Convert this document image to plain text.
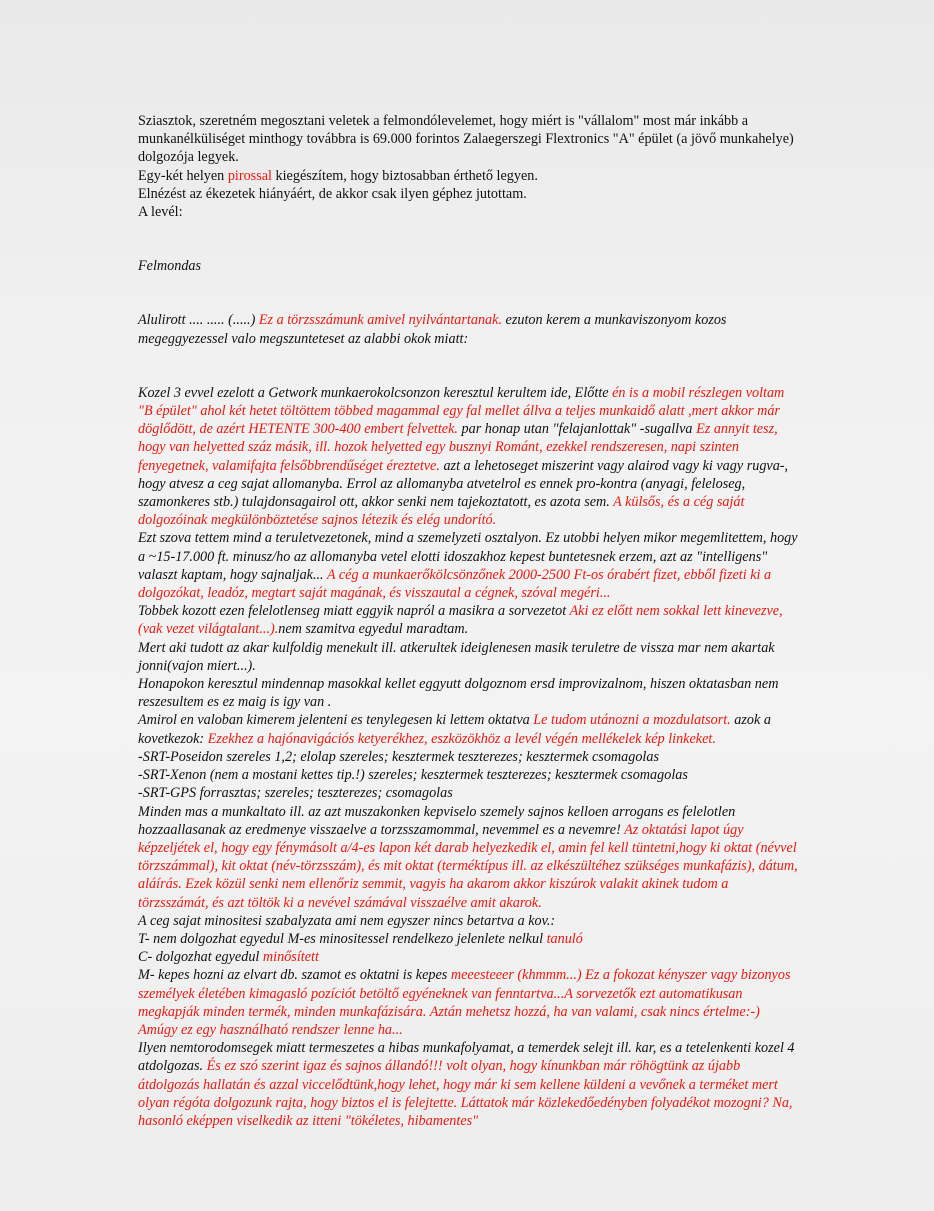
Sziasztok, szeretném megosztani veletek a felmondólevelemet, hogy miért is "vállalom" most már inkább a munkanélküliséget minthogy továbbra is 69.000 forintos Zalaegerszegi Flextronics "A" épület (a jövő munkahelye) dolgozója legyek.

Egy-két helyen pirossal kiegészítem, hogy biztosabban érthető legyen.

Elnézést az ékezetek hiányáért, de akkor csak ilyen géphez jutottam.

A levél:

Felmondas

Alulirott .... ..... (.....) Ez a törzsszámunk amivel nyilvántartanak. ezuton kerem a munkaviszonyom kozos megeggyezessel valo megszunteteset az alabbi okok miatt:

Kozel 3 evvel ezelott a Getwork munkaerokolcsonzon keresztul kerultem ide, Előtte én is a mobil részlegen voltam "B épület" ahol két hetet töltöttem többed magammal egy fal mellet állva a teljes munkaidő alatt ,mert akkor már döglődött, de azért HETENTE 300-400 embert felvettek. par honap utan "felajanlottak" -sugallva Ez annyit tesz, hogy van helyetted száz másik, ill. hozok helyetted egy busznyi Románt, ezekkel rendszeresen, napi szinten fenyegetnek, valamifajta felsőbbrendűséget éreztetve. azt a lehetoseget miszerint vagy alairod vagy ki vagy rugva-, hogy atvesz a ceg sajat allomanyba. Errol az allomanyba atvetelrol es ennek pro-kontra (anyagi, feleloseg, szamonkeres stb.) tulajdonsagairol ott, akkor senki nem tajekoztatott, es azota sem. A külsős, és a cég saját dolgozóinak megkülönböztetése sajnos létezik és elég undorító.

Ezt szova tettem mind a teruletvezetonek, mind a szemelyzeti osztalyon. Ez utobbi helyen mikor megemlitettem, hogy a ~15-17.000 ft. minusz/ho az allomanyba vetel elotti idoszakhoz kepest buntetesnek erzem, azt az "intelligens" valaszt kaptam, hogy sajnaljak... A cég a munkaerőkölcsönzőnek 2000-2500 Ft-os órabért fizet, ebből fizeti ki a dolgozókat, leadóz, megtart saját magának, és visszautal a cégnek, szóval megéri...

Tobbek kozott ezen felelotlenseg miatt eggyik napról a masikra a sorvezetot Aki ez előtt nem sokkal lett kinevezve, (vak vezet világtalant...).nem szamitva egyedul maradtam.

Mert aki tudott az akar kulfoldig menekult ill. atkerultek ideiglenesen masik teruletre de vissza mar nem akartak jonni(vajon miert...).

Honapokon keresztul mindennap masokkal kellet eggyutt dolgoznom ersd improvizalnom, hiszen oktatasban nem reszesultem es ez maig is igy van .

Amirol en valoban kimerem jelenteni es tenylegesen ki lettem oktatva Le tudom utánozni a mozdulatsort. azok a kovetkezok: Ezekhez a hajónavigációs ketyerékhez, eszközökhöz a levél végén mellékelek kép linkeket.

-SRT-Poseidon szereles 1,2; elolap szereles; kesztermek teszterezes; kesztermek csomagolas

-SRT-Xenon (nem a mostani kettes tip.!) szereles; kesztermek teszterezes; kesztermek csomagolas

-SRT-GPS forrasztas; szereles; teszterezes; csomagolas

Minden mas a munkaltato ill. az azt muszakonken kepviselo szemely sajnos kelloen arrogans es felelotlen hozzaallasanak az eredmenye visszaelve a torzsszamommal, nevemmel es a nevemre! Az oktatási lapot úgy képzeljétek el, hogy egy fénymásolt a/4-es lapon két darab helyezkedik el, amin fel kell tüntetni,hogy ki oktat (névvel törzszámmal), kit oktat (név-törzsszám), és mit oktat (terméktípus ill. az elkészültéhez szükséges munkafázis), dátum, aláírás. Ezek közül senki nem ellenőriz semmit, vagyis ha akarom akkor kiszúrok valakit akinek tudom a törzsszámát, és azt töltök ki a nevével számával visszaélve amit akarok.

A ceg sajat minositesi szabalyzata ami nem egyszer nincs betartva a kov.:

T- nem dolgozhat egyedul M-es minositessel rendelkezo jelenlete nelkul tanuló

C- dolgozhat egyedul minősített

M- kepes hozni az elvart db. szamot es oktatni is kepes meeesteeer (khmmm...) Ez a fokozat kényszer vagy bizonyos személyek életében kimagasló pozíciót betöltő egyéneknek van fenntartva...A sorvezetők ezt automatikusan megkapják minden termék, minden munkafázisára. Aztán mehetsz hozzá, ha van valami, csak nincs értelme:-)

Amúgy ez egy használható rendszer lenne ha...

Ilyen nemtorodomsegek miatt termeszetes a hibas munkafolyamat, a temerdek selejt ill. kar, es a tetelenkenti kozel 4 atdolgozas. És ez szó szerint igaz és sajnos állandó!!! volt olyan, hogy kínunkban már röhögtünk az újabb átdolgozás hallatán és azzal viccelődtünk,hogy lehet, hogy már ki sem kellene küldeni a vevőnek a terméket mert olyan régóta dolgozunk rajta, hogy biztos el is felejtette. Láttatok már közlekedőedényben folyadékot mozogni? Na, hasonló eképpen viselkedik az itteni "tökéletes, hibamentes"
